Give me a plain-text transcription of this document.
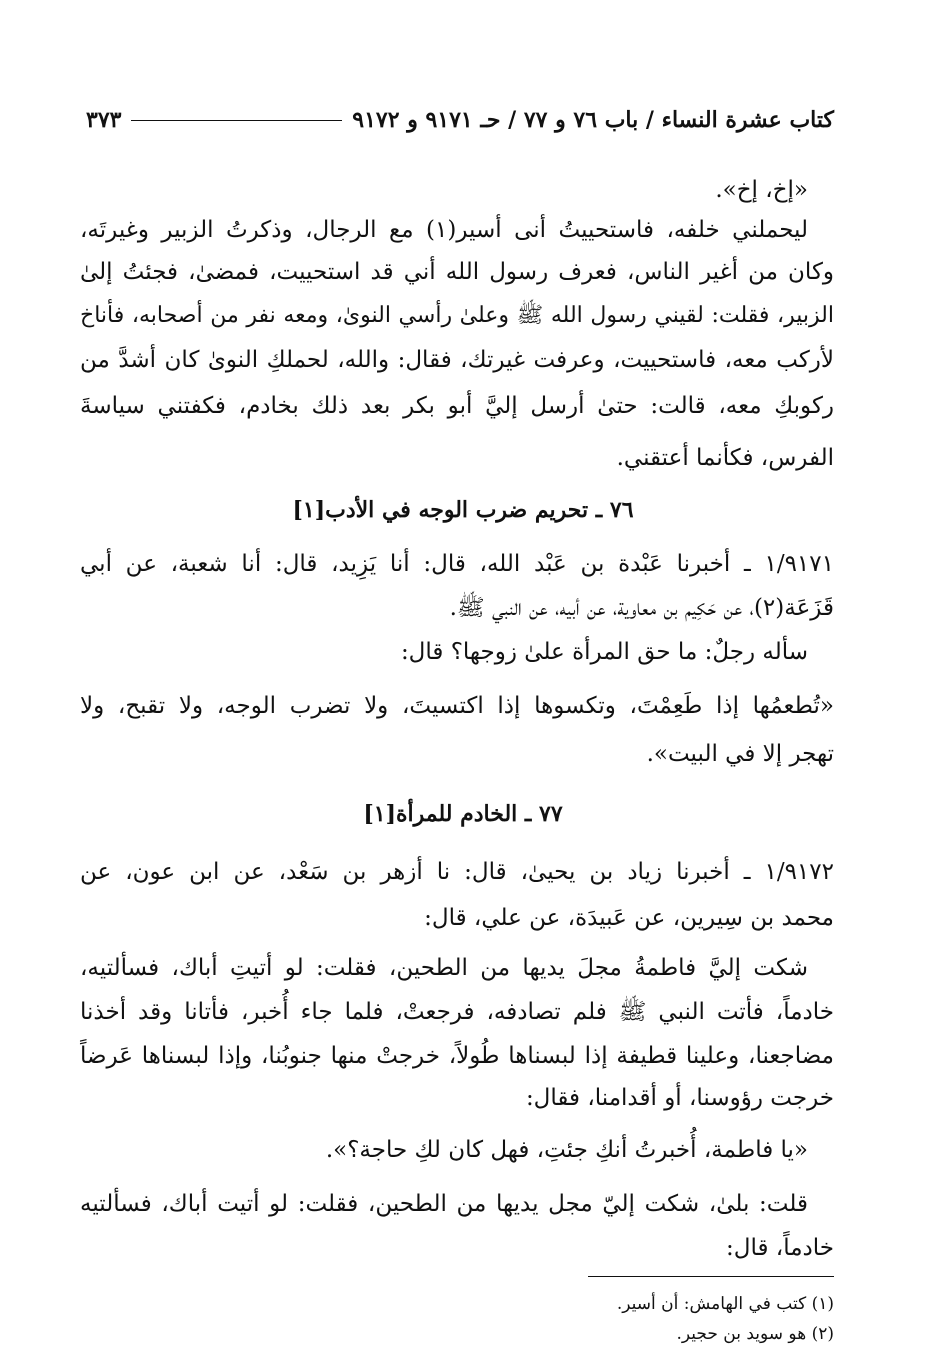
كتاب عشرة النساء / باب ٧٦ و ٧٧ / حـ ٩١٧١ و ٩١٧٢
٣٧٣
«إخ، إخ».
ليحملني خلفه، فاستحييتُ أنى أسير(١) مع الرجال، وذكرتُ الزبير وغيرتَه،
وكان من أغير الناس، فعرف رسول الله أني قد استحييت، فمضىٰ، فجئتُ إلىٰ
الزبير، فقلت: لقيني رسول الله ﷺ وعلىٰ رأسي النوىٰ، ومعه نفر من أصحابه، فأناخ
لأركب معه، فاستحييت، وعرفت غيرتك، فقال: والله، لحملكِ النوىٰ كان أشدَّ من
ركوبكِ معه، قالت: حتىٰ أرسل إليَّ أبو بكر بعد ذلك بخادم، فكفتني سياسةَ
الفرس، فكأنما أعتقني.
٧٦ ـ تحريم ضرب الوجه في الأدب[١]
١/٩١٧١ ـ أخبرنا عَبْدة بن عَبْد الله، قال: أنا يَزِيد، قال: أنا شعبة، عن أبي
قَزَعَة(٢)، عن حَكِيم بن معاوية، عن أبيه، عن النبي ﷺ.
سأله رجلٌ: ما حق المرأة علىٰ زوجها؟ قال:
«تُطعمُها إذا طَعِمْتَ، وتكسوها إذا اكتسيتَ، ولا تضرب الوجه، ولا تقبح، ولا
تهجر إلا في البيت».
٧٧ ـ الخادم للمرأة[١]
١/٩١٧٢ ـ أخبرنا زياد بن يحيىٰ، قال: نا أزهر بن سَعْد، عن ابن عون، عن
محمد بن سِيرين، عن عَبيدَة، عن علي، قال:
شكت إليَّ فاطمةُ مجلَ يديها من الطحين، فقلت: لو أتيتِ أباك، فسألتيه،
خادماً، فأتت النبي ﷺ فلم تصادفه، فرجعتْ، فلما جاء أُخبر، فأتانا وقد أخذنا
مضاجعنا، وعلينا قطيفة إذا لبسناها طُولاً، خرجتْ منها جنوبُنا، وإذا لبسناها عَرضاً
خرجت رؤوسنا، أو أقدامنا، فقال:
«يا فاطمة، أُخبرتُ أنكِ جئتِ، فهل كان لكِ حاجة؟».
قلت: بلىٰ، شكت إليّ مجل يديها من الطحين، فقلت: لو أتيت أباك، فسألتيه
خادماً، قال:
(١) كتب في الهامش: أن أسير.
(٢) هو سويد بن حجير.
